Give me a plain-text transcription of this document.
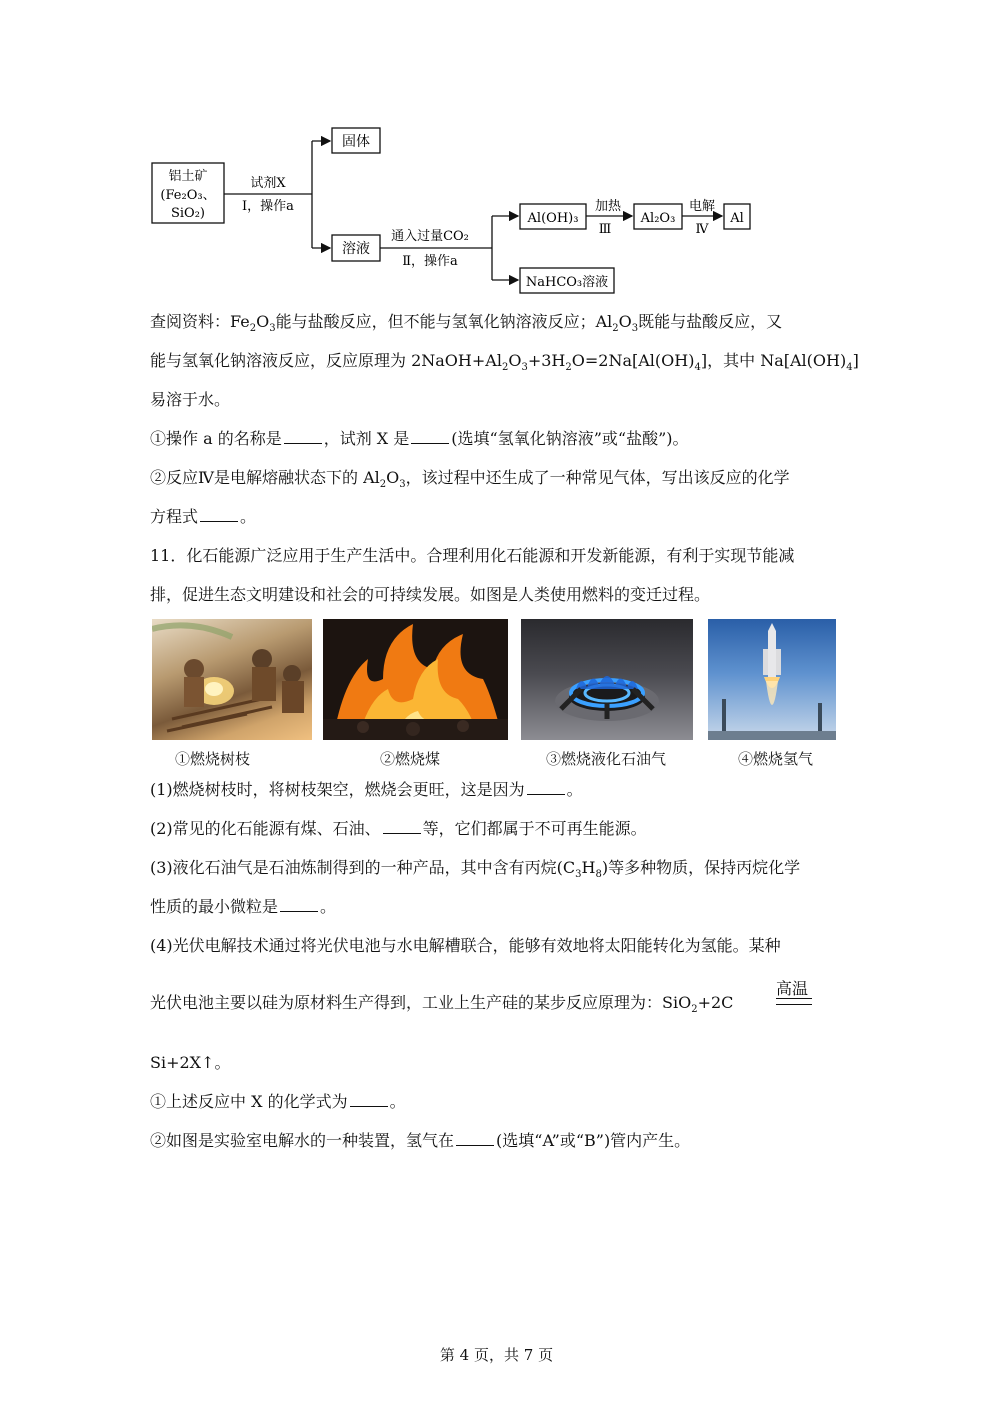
铝土矿
(Fe₂O₃、
SiO₂)
试剂X
Ⅰ，操作a
固体
溶液
通入过量CO₂
Ⅱ，操作a
Al(OH)₃
NaHCO₃溶液
加热
Ⅲ
Al₂O₃
电解
Ⅳ
Al
查阅资料：$Fe_2O_3$能与盐酸反应，但不能与氢氧化钠溶液反应；$Al_2O_3$既能与盐酸反应，又
能与氢氧化钠溶液反应，反应原理为 $2NaOH+Al_2O_3+3H_2O=2Na[Al(OH)_4]$，其中 $Na[Al(OH)_4]$
易溶于水。
①操作 a 的名称是	，试剂 X 是	(选填“氢氧化钠溶液”或“盐酸”)。
②反应Ⅳ是电解熔融状态下的 $Al_2O_3$，该过程中还生成了一种常见气体，写出该反应的化学
方程式	。
11．化石能源广泛应用于生产生活中。合理利用化石能源和开发新能源，有利于实现节能减
排，促进生态文明建设和社会的可持续发展。如图是人类使用燃料的变迁过程。
①燃烧树枝	②燃烧煤	③燃烧液化石油气	④燃烧氢气
(1)燃烧树枝时，将树枝架空，燃烧会更旺，这是因为	。
(2)常见的化石能源有煤、石油、	等，它们都属于不可再生能源。
(3)液化石油气是石油炼制得到的一种产品，其中含有丙烷$(C_3H_8)$等多种物质，保持丙烷化学
性质的最小微粒是	。
(4)光伏电解技术通过将光伏电池与水电解槽联合，能够有效地将太阳能转化为氢能。某种
光伏电池主要以硅为原材料生产得到，工业上生产硅的某步反应原理为：SiO$_2$+2C
高温
Si+2X↑。
①上述反应中 X 的化学式为	。
②如图是实验室电解水的一种装置，氢气在	(选填“A”或“B”)管内产生。
第 4 页，共 7 页
